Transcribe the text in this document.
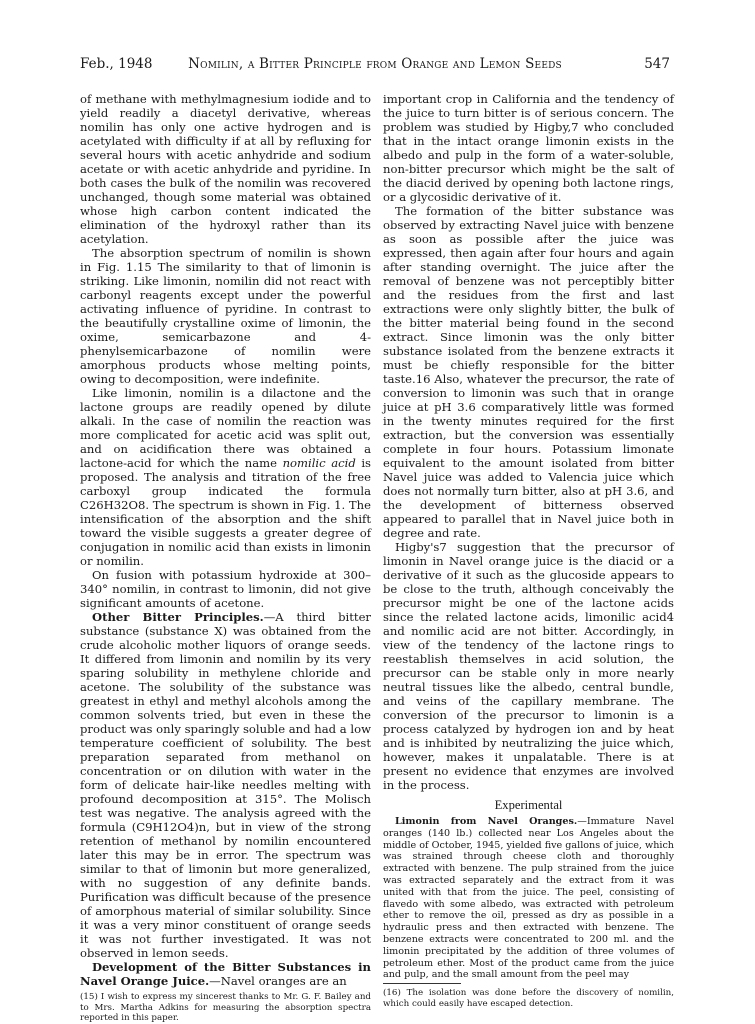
Feb., 1948	Nomilin, a Bitter Principle from Orange and Lemon Seeds	547

of methane with methylmagnesium iodide and to yield readily a diacetyl derivative, whereas nomilin has only one active hydrogen and is acetylated with difficulty if at all by refluxing for several hours with acetic anhydride and sodium acetate or with acetic anhydride and pyridine. In both cases the bulk of the nomilin was recovered unchanged, though some material was obtained whose high carbon content indicated the elimination of the hydroxyl rather than its acetylation.

The absorption spectrum of nomilin is shown in Fig. 1.15 The similarity to that of limonin is striking. Like limonin, nomilin did not react with carbonyl reagents except under the powerful activating influence of pyridine. In contrast to the beautifully crystalline oxime of limonin, the oxime, semicarbazone and 4-phenylsemicarbazone of nomilin were amorphous products whose melting points, owing to decomposition, were indefinite.

Like limonin, nomilin is a dilactone and the lactone groups are readily opened by dilute alkali. In the case of nomilin the reaction was more complicated for acetic acid was split out, and on acidification there was obtained a lactone-acid for which the name nomilic acid is proposed. The analysis and titration of the free carboxyl group indicated the formula C26H32O8. The spectrum is shown in Fig. 1. The intensification of the absorption and the shift toward the visible suggests a greater degree of conjugation in nomilic acid than exists in limonin or nomilin.

On fusion with potassium hydroxide at 300–340° nomilin, in contrast to limonin, did not give significant amounts of acetone.

Other Bitter Principles.—A third bitter substance (substance X) was obtained from the crude alcoholic mother liquors of orange seeds. It differed from limonin and nomilin by its very sparing solubility in methylene chloride and acetone. The solubility of the substance was greatest in ethyl and methyl alcohols among the common solvents tried, but even in these the product was only sparingly soluble and had a low temperature coefficient of solubility. The best preparation separated from methanol on concentration or on dilution with water in the form of delicate hair-like needles melting with profound decomposition at 315°. The Molisch test was negative. The analysis agreed with the formula (C9H12O4)n, but in view of the strong retention of methanol by nomilin encountered later this may be in error. The spectrum was similar to that of limonin but more generalized, with no suggestion of any definite bands. Purification was difficult because of the presence of amorphous material of similar solubility. Since it was a very minor constituent of orange seeds it was not further investigated. It was not observed in lemon seeds.

Development of the Bitter Substances in Navel Orange Juice.—Navel oranges are an

(15) I wish to express my sincerest thanks to Mr. G. F. Bailey and to Mrs. Martha Adkins for measuring the absorption spectra reported in this paper.

important crop in California and the tendency of the juice to turn bitter is of serious concern. The problem was studied by Higby,7 who concluded that in the intact orange limonin exists in the albedo and pulp in the form of a water-soluble, non-bitter precursor which might be the salt of the diacid derived by opening both lactone rings, or a glycosidic derivative of it.

The formation of the bitter substance was observed by extracting Navel juice with benzene as soon as possible after the juice was expressed, then again after four hours and again after standing overnight. The juice after the removal of benzene was not perceptibly bitter and the residues from the first and last extractions were only slightly bitter, the bulk of the bitter material being found in the second extract. Since limonin was the only bitter substance isolated from the benzene extracts it must be chiefly responsible for the bitter taste.16 Also, whatever the precursor, the rate of conversion to limonin was such that in orange juice at pH 3.6 comparatively little was formed in the twenty minutes required for the first extraction, but the conversion was essentially complete in four hours. Potassium limonate equivalent to the amount isolated from bitter Navel juice was added to Valencia juice which does not normally turn bitter, also at pH 3.6, and the development of bitterness observed appeared to parallel that in Navel juice both in degree and rate.

Higby's7 suggestion that the precursor of limonin in Navel orange juice is the diacid or a derivative of it such as the glucoside appears to be close to the truth, although conceivably the precursor might be one of the lactone acids since the related lactone acids, limonilic acid4 and nomilic acid are not bitter. Accordingly, in view of the tendency of the lactone rings to reestablish themselves in acid solution, the precursor can be stable only in more nearly neutral tissues like the albedo, central bundle, and veins of the capillary membrane. The conversion of the precursor to limonin is a process catalyzed by hydrogen ion and by heat and is inhibited by neutralizing the juice which, however, makes it unpalatable. There is at present no evidence that enzymes are involved in the process.

Experimental

Limonin from Navel Oranges.—Immature Navel oranges (140 lb.) collected near Los Angeles about the middle of October, 1945, yielded five gallons of juice, which was strained through cheese cloth and thoroughly extracted with benzene. The pulp strained from the juice was extracted separately and the extract from it was united with that from the juice. The peel, consisting of flavedo with some albedo, was extracted with petroleum ether to remove the oil, pressed as dry as possible in a hydraulic press and then extracted with benzene. The benzene extracts were concentrated to 200 ml. and the limonin precipitated by the addition of three volumes of petroleum ether. Most of the product came from the juice and pulp, and the small amount from the peel may

(16) The isolation was done before the discovery of nomilin, which could easily have escaped detection.
